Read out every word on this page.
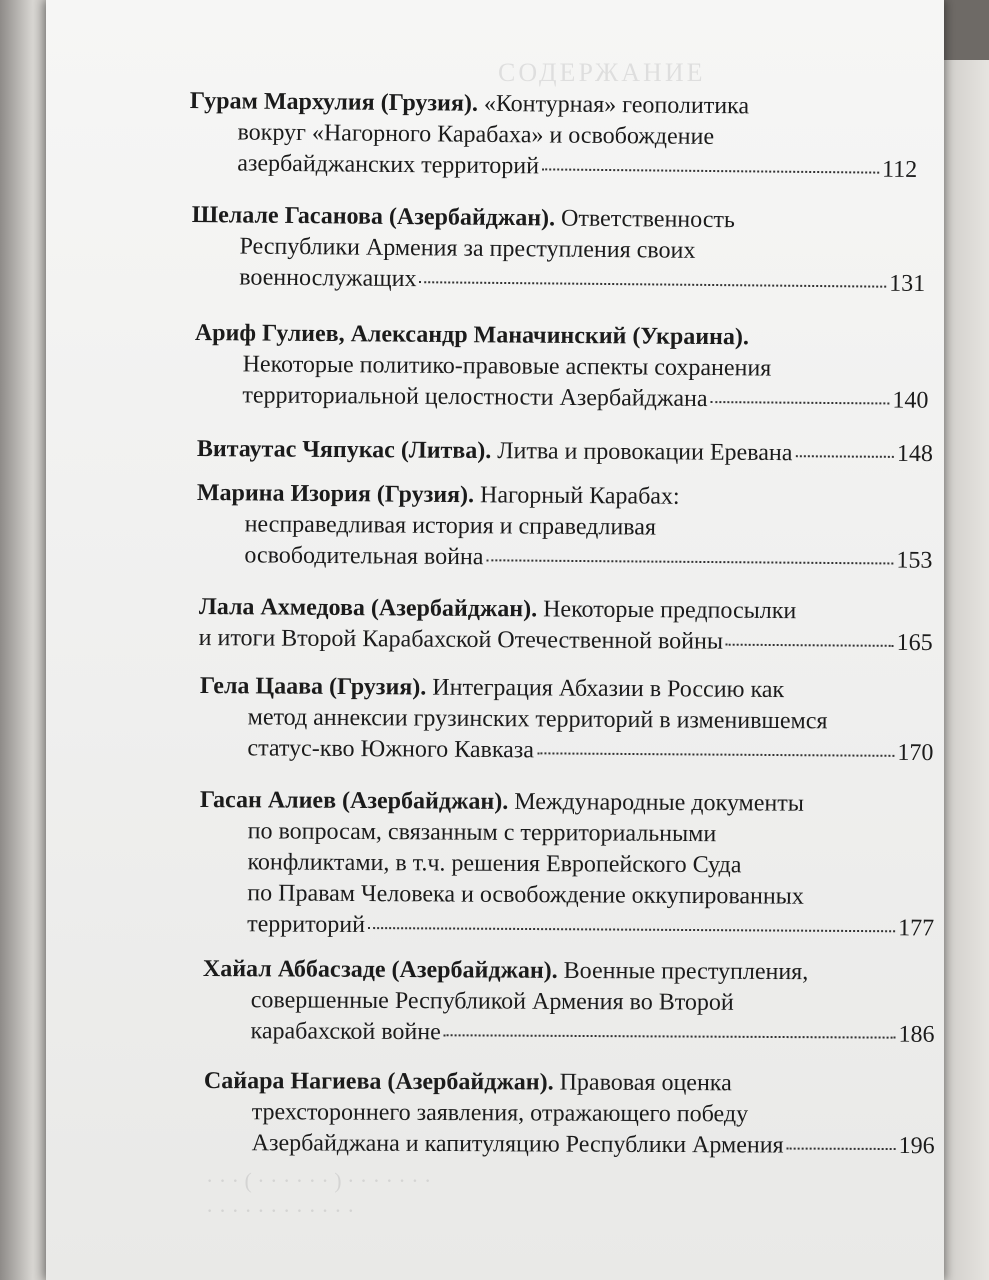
СОДЕРЖАНИЕ
· · · ( · · · · · · ) · · · · · · ·
· · · · · · · · · · · ·
Гурам Мархулия (Грузия). «Контурная» геополитика
вокруг «Нагорного Карабаха» и освобождение
азербайджанских территорий	112
Шелале Гасанова (Азербайджан). Ответственность
Республики Армения за преступления своих
военнослужащих	131
Ариф Гулиев, Александр Маначинский (Украина).
Некоторые политико-правовые аспекты сохранения
территориальной целостности Азербайджана	140
Витаутас Чяпукас (Литва). Литва и провокации Еревана	148
Марина Изория (Грузия). Нагорный Карабах:
несправедливая история и справедливая
освободительная война	153
Лала Ахмедова (Азербайджан). Некоторые предпосылки
и итоги Второй Карабахской Отечественной войны	165
Гела Цаава (Грузия). Интеграция Абхазии в Россию как
метод аннексии грузинских территорий в изменившемся
статус-кво Южного Кавказа	170
Гасан Алиев (Азербайджан). Международные документы
по вопросам, связанным с территориальными
конфликтами, в т.ч. решения Европейского Суда
по Правам Человека и освобождение оккупированных
территорий	177
Хайал Аббасзаде (Азербайджан). Военные преступления,
совершенные Республикой Армения во Второй
карабахской войне	186
Сайара Нагиева (Азербайджан). Правовая оценка
трехстороннего заявления, отражающего победу
Азербайджана и капитуляцию Республики Армения	196
